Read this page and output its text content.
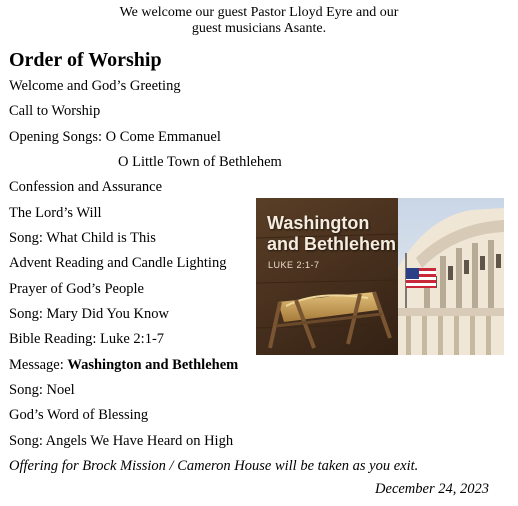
We welcome our guest Pastor Lloyd Eyre and our
guest musicians Asante.
Order of Worship
Welcome and God’s Greeting
Call to Worship
Opening Songs: O Come Emmanuel
O Little Town of Bethlehem
Confession and Assurance
The Lord’s Will
Song: What Child is This
Advent Reading and Candle Lighting
Prayer of God’s People
Song: Mary Did You Know
Bible Reading: Luke 2:1-7
Message: Washington and Bethlehem
Song: Noel
God’s Word of Blessing
Song: Angels We Have Heard on High
Offering for Brock Mission / Cameron House will be taken as you exit.
December 24, 2023
Washington
and Bethlehem
LUKE 2:1-7
